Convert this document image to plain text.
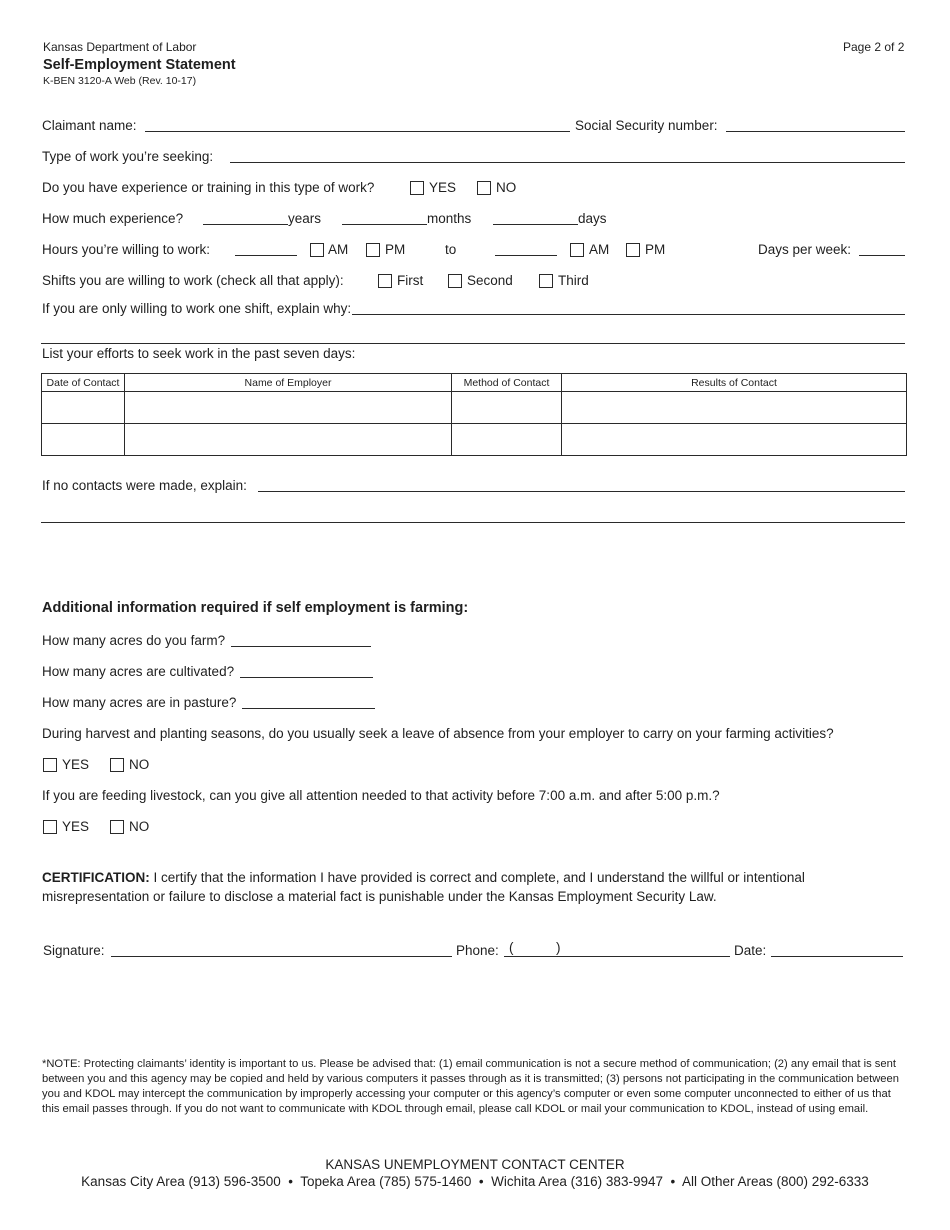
Kansas Department of Labor
Self-Employment Statement
K-BEN 3120-A Web (Rev. 10-17)
Page 2 of 2
Claimant name:	Social Security number:
Type of work you’re seeking:
Do you have experience or training in this type of work?	YES	NO
How much experience?	years	months	days
Hours you’re willing to work:	AM	PM	to	AM	PM	Days per week:
Shifts you are willing to work (check all that apply):	First	Second	Third
If you are only willing to work one shift, explain why:
List your efforts to seek work in the past seven days:
Date of Contact	Name of Employer	Method of Contact	Results of Contact

If no contacts were made, explain:
Additional information required if self employment is farming:
How many acres do you farm?
How many acres are cultivated?
How many acres are in pasture?
During harvest and planting seasons, do you usually seek a leave of absence from your employer to carry on your farming activities?
YES	NO
If you are feeding livestock, can you give all attention needed to that activity before 7:00 a.m. and after 5:00 p.m.?
YES	NO
CERTIFICATION: I certify that the information I have provided is correct and complete, and I understand the willful or intentional misrepresentation or failure to disclose a material fact is punishable under the Kansas Employment Security Law.
Signature:	Phone: (	)	Date:
*NOTE: Protecting claimants’ identity is important to us. Please be advised that: (1) email communication is not a secure method of communication; (2) any email that is sent between you and this agency may be copied and held by various computers it passes through as it is transmitted; (3) persons not participating in the communication between you and KDOL may intercept the communication by improperly accessing your computer or this agency’s computer or even some computer unconnected to either of us that this email passes through. If you do not want to communicate with KDOL through email, please call KDOL or mail your communication to KDOL, instead of using email.
KANSAS UNEMPLOYMENT CONTACT CENTER
Kansas City Area (913) 596-3500  •  Topeka Area (785) 575-1460  •  Wichita Area (316) 383-9947  •  All Other Areas (800) 292-6333
